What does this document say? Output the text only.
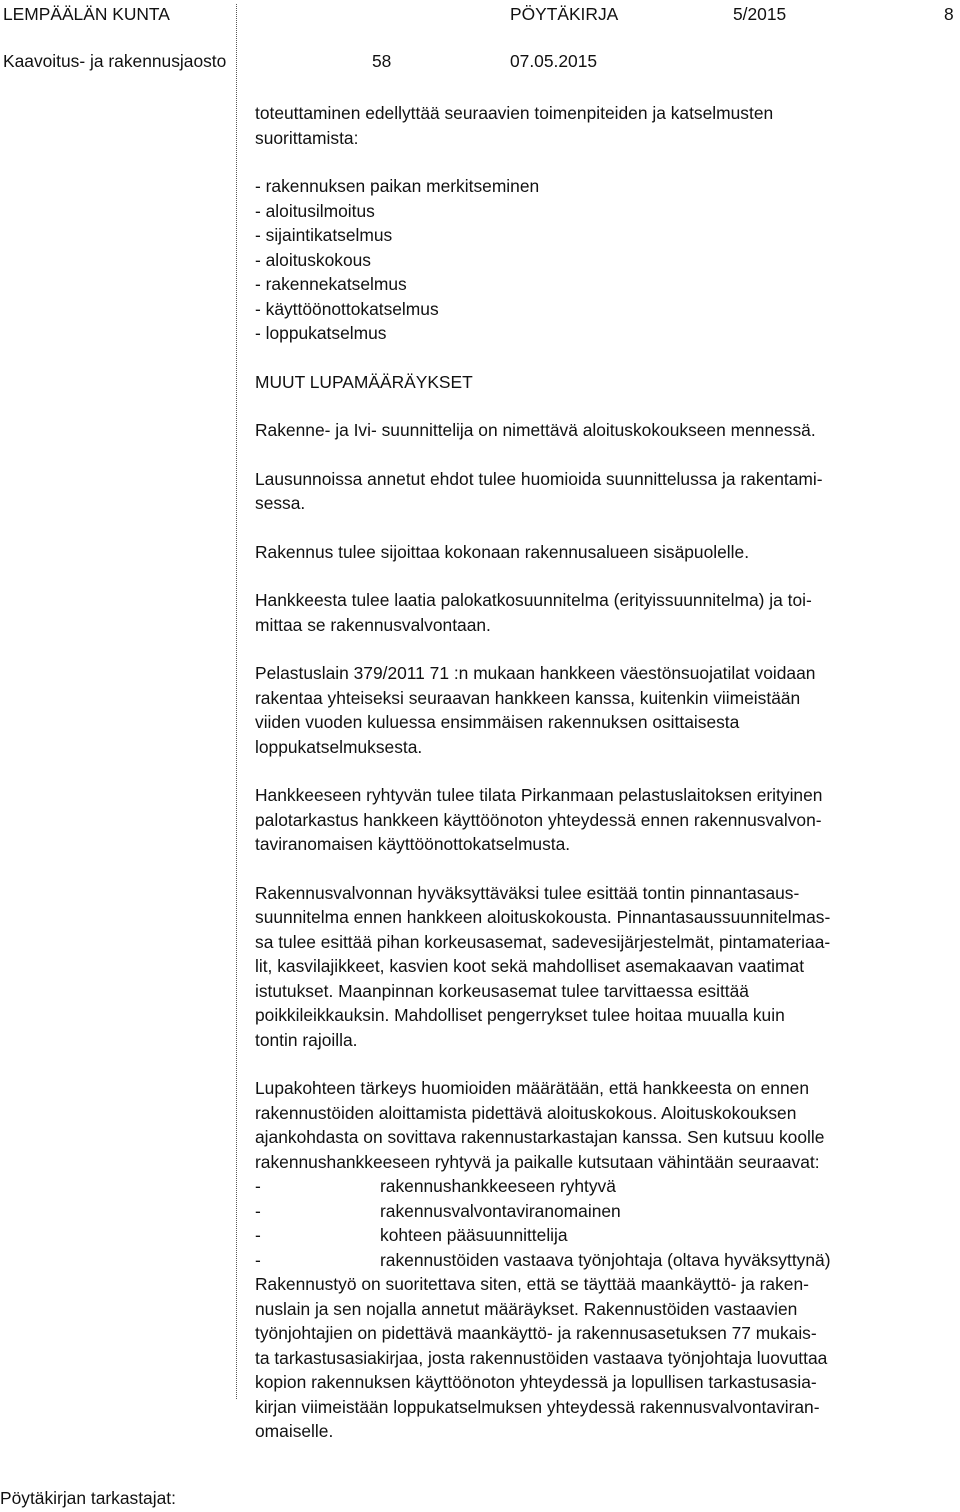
LEMPÄÄLÄN KUNTA	PÖYTÄKIRJA	5/2015	8
Kaavoitus- ja rakennusjaosto	58	07.05.2015

toteuttaminen edellyttää seuraavien toimenpiteiden ja katselmusten
suorittamista:

- rakennuksen paikan merkitseminen
- aloitusilmoitus
- sijaintikatselmus
- aloituskokous
- rakennekatselmus
- käyttöönottokatselmus
- loppukatselmus

MUUT LUPAMÄÄRÄYKSET

Rakenne- ja Ivi- suunnittelija on nimettävä aloituskokoukseen mennessä.

Lausunnoissa annetut ehdot tulee huomioida suunnittelussa ja rakentami-
sessa.

Rakennus tulee sijoittaa kokonaan rakennusalueen sisäpuolelle.

Hankkeesta tulee laatia palokatkosuunnitelma (erityissuunnitelma) ja toi-
mittaa se rakennusvalvontaan.

Pelastuslain 379/2011 71 :n mukaan hankkeen väestönsuojatilat voidaan
rakentaa yhteiseksi seuraavan hankkeen kanssa, kuitenkin viimeistään
viiden vuoden kuluessa ensimmäisen rakennuksen osittaisesta
loppukatselmuksesta.

Hankkeeseen ryhtyvän tulee tilata Pirkanmaan pelastuslaitoksen erityinen
palotarkastus hankkeen käyttöönoton yhteydessä ennen rakennusvalvon-
taviranomaisen käyttöönottokatselmusta.

Rakennusvalvonnan hyväksyttäväksi tulee esittää tontin pinnantasaus-
suunnitelma ennen hankkeen aloituskokousta. Pinnantasaussuunnitelmas-
sa tulee esittää pihan korkeusasemat, sadevesijärjestelmät, pintamateriaa-
lit, kasvilajikkeet, kasvien koot sekä mahdolliset asemakaavan vaatimat
istutukset. Maanpinnan korkeusasemat tulee tarvittaessa esittää
poikkileikkauksin. Mahdolliset pengerrykset tulee hoitaa muualla kuin
tontin rajoilla.

Lupakohteen tärkeys huomioiden määrätään, että hankkeesta on ennen
rakennustöiden aloittamista pidettävä aloituskokous. Aloituskokouksen
ajankohdasta on sovittava rakennustarkastajan kanssa. Sen kutsuu koolle
rakennushankkeeseen ryhtyvä ja paikalle kutsutaan vähintään seuraavat:
-	rakennushankkeeseen ryhtyvä
-	rakennusvalvontaviranomainen
-	kohteen pääsuunnittelija
-	rakennustöiden vastaava työnjohtaja (oltava hyväksyttynä)
Rakennustyö on suoritettava siten, että se täyttää maankäyttö- ja raken-
nuslain ja sen nojalla annetut määräykset. Rakennustöiden vastaavien
työnjohtajien on pidettävä maankäyttö- ja rakennusasetuksen 77 mukais-
ta tarkastusasiakirjaa, josta rakennustöiden vastaava työnjohtaja luovuttaa
kopion rakennuksen käyttöönoton yhteydessä ja lopullisen tarkastusasia-
kirjan viimeistään loppukatselmuksen yhteydessä rakennusvalvontaviran-
omaiselle.

Pöytäkirjan tarkastajat:
